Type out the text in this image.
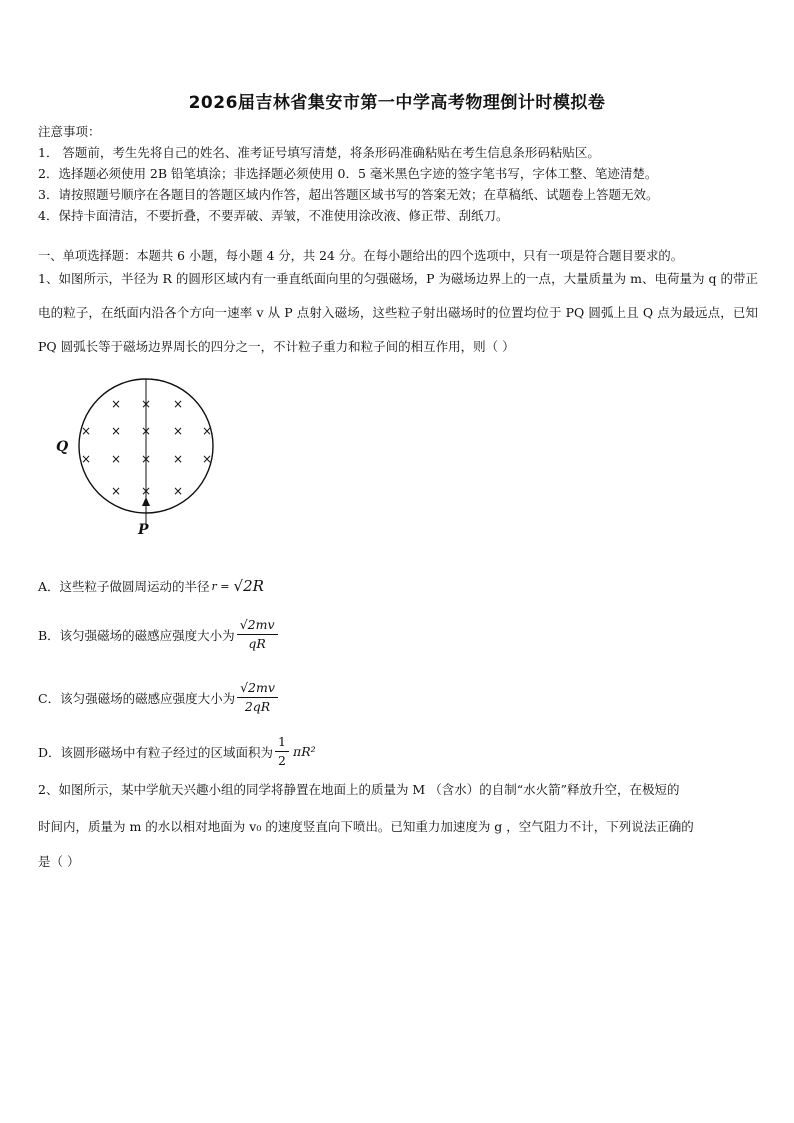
2026届吉林省集安市第一中学高考物理倒计时模拟卷
注意事项：
1． 答题前，考生先将自己的姓名、准考证号填写清楚，将条形码准确粘贴在考生信息条形码粘贴区。
2．选择题必须使用 2B 铅笔填涂；非选择题必须使用 0．5 毫米黑色字迹的签字笔书写，字体工整、笔迹清楚。
3．请按照题号顺序在各题目的答题区域内作答，超出答题区域书写的答案无效；在草稿纸、试题卷上答题无效。
4．保持卡面清洁，不要折叠，不要弄破、弄皱，不准使用涂改液、修正带、刮纸刀。
一、单项选择题：本题共 6 小题，每小题 4 分，共 24 分。在每小题给出的四个选项中，只有一项是符合题目要求的。
1、如图所示，半径为 R 的圆形区域内有一垂直纸面向里的匀强磁场，P 为磁场边界上的一点，大量质量为 m、电荷量为 q 的带正电的粒子，在纸面内沿各个方向一速率 v 从 P 点射入磁场，这些粒子射出磁场时的位置均位于 PQ 圆弧上且 Q 点为最远点，已知 PQ 圆弧长等于磁场边界周长的四分之一，不计粒子重力和粒子间的相互作用，则（ ）
× × ×
× × × × ×
× × × × ×
× × ×
Q
P
A．这些粒子做圆周运动的半径 r = √2R
B．该匀强磁场的磁感应强度大小为 $\frac{√2mv}{qR}$
C．该匀强磁场的磁感应强度大小为 $\frac{√2mv}{2qR}$
D．该圆形磁场中有粒子经过的区域面积为 $\frac{1}{2} \pi R^2$
2、如图所示，某中学航天兴趣小组的同学将静置在地面上的质量为 M （含水）的自制“水火箭”释放升空，在极短的
时间内，质量为 m 的水以相对地面为 v₀ 的速度竖直向下喷出。已知重力加速度为 g ，空气阻力不计，下列说法正确的
是（ ）
